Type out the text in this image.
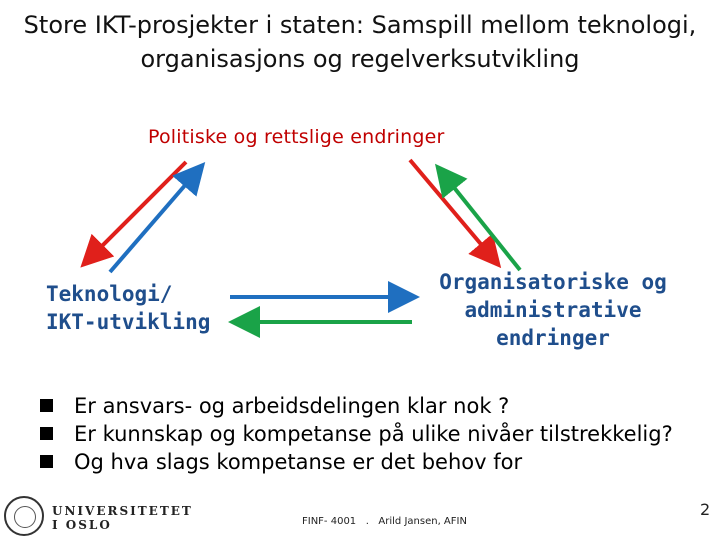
Store IKT-prosjekter i staten: Samspill mellom teknologi, organisasjons og regelverksutvikling
Politiske og rettslige endringer
Teknologi/
IKT-utvikling
Organisatoriske og
administrative
endringer
Er ansvars- og arbeidsdelingen klar nok ?
Er kunnskap og kompetanse på ulike nivåer tilstrekkelig?
Og hva slags kompetanse er det behov for
UNIVERSITETET
I OSLO	FINF- 4001   .   Arild Jansen, AFIN
2
